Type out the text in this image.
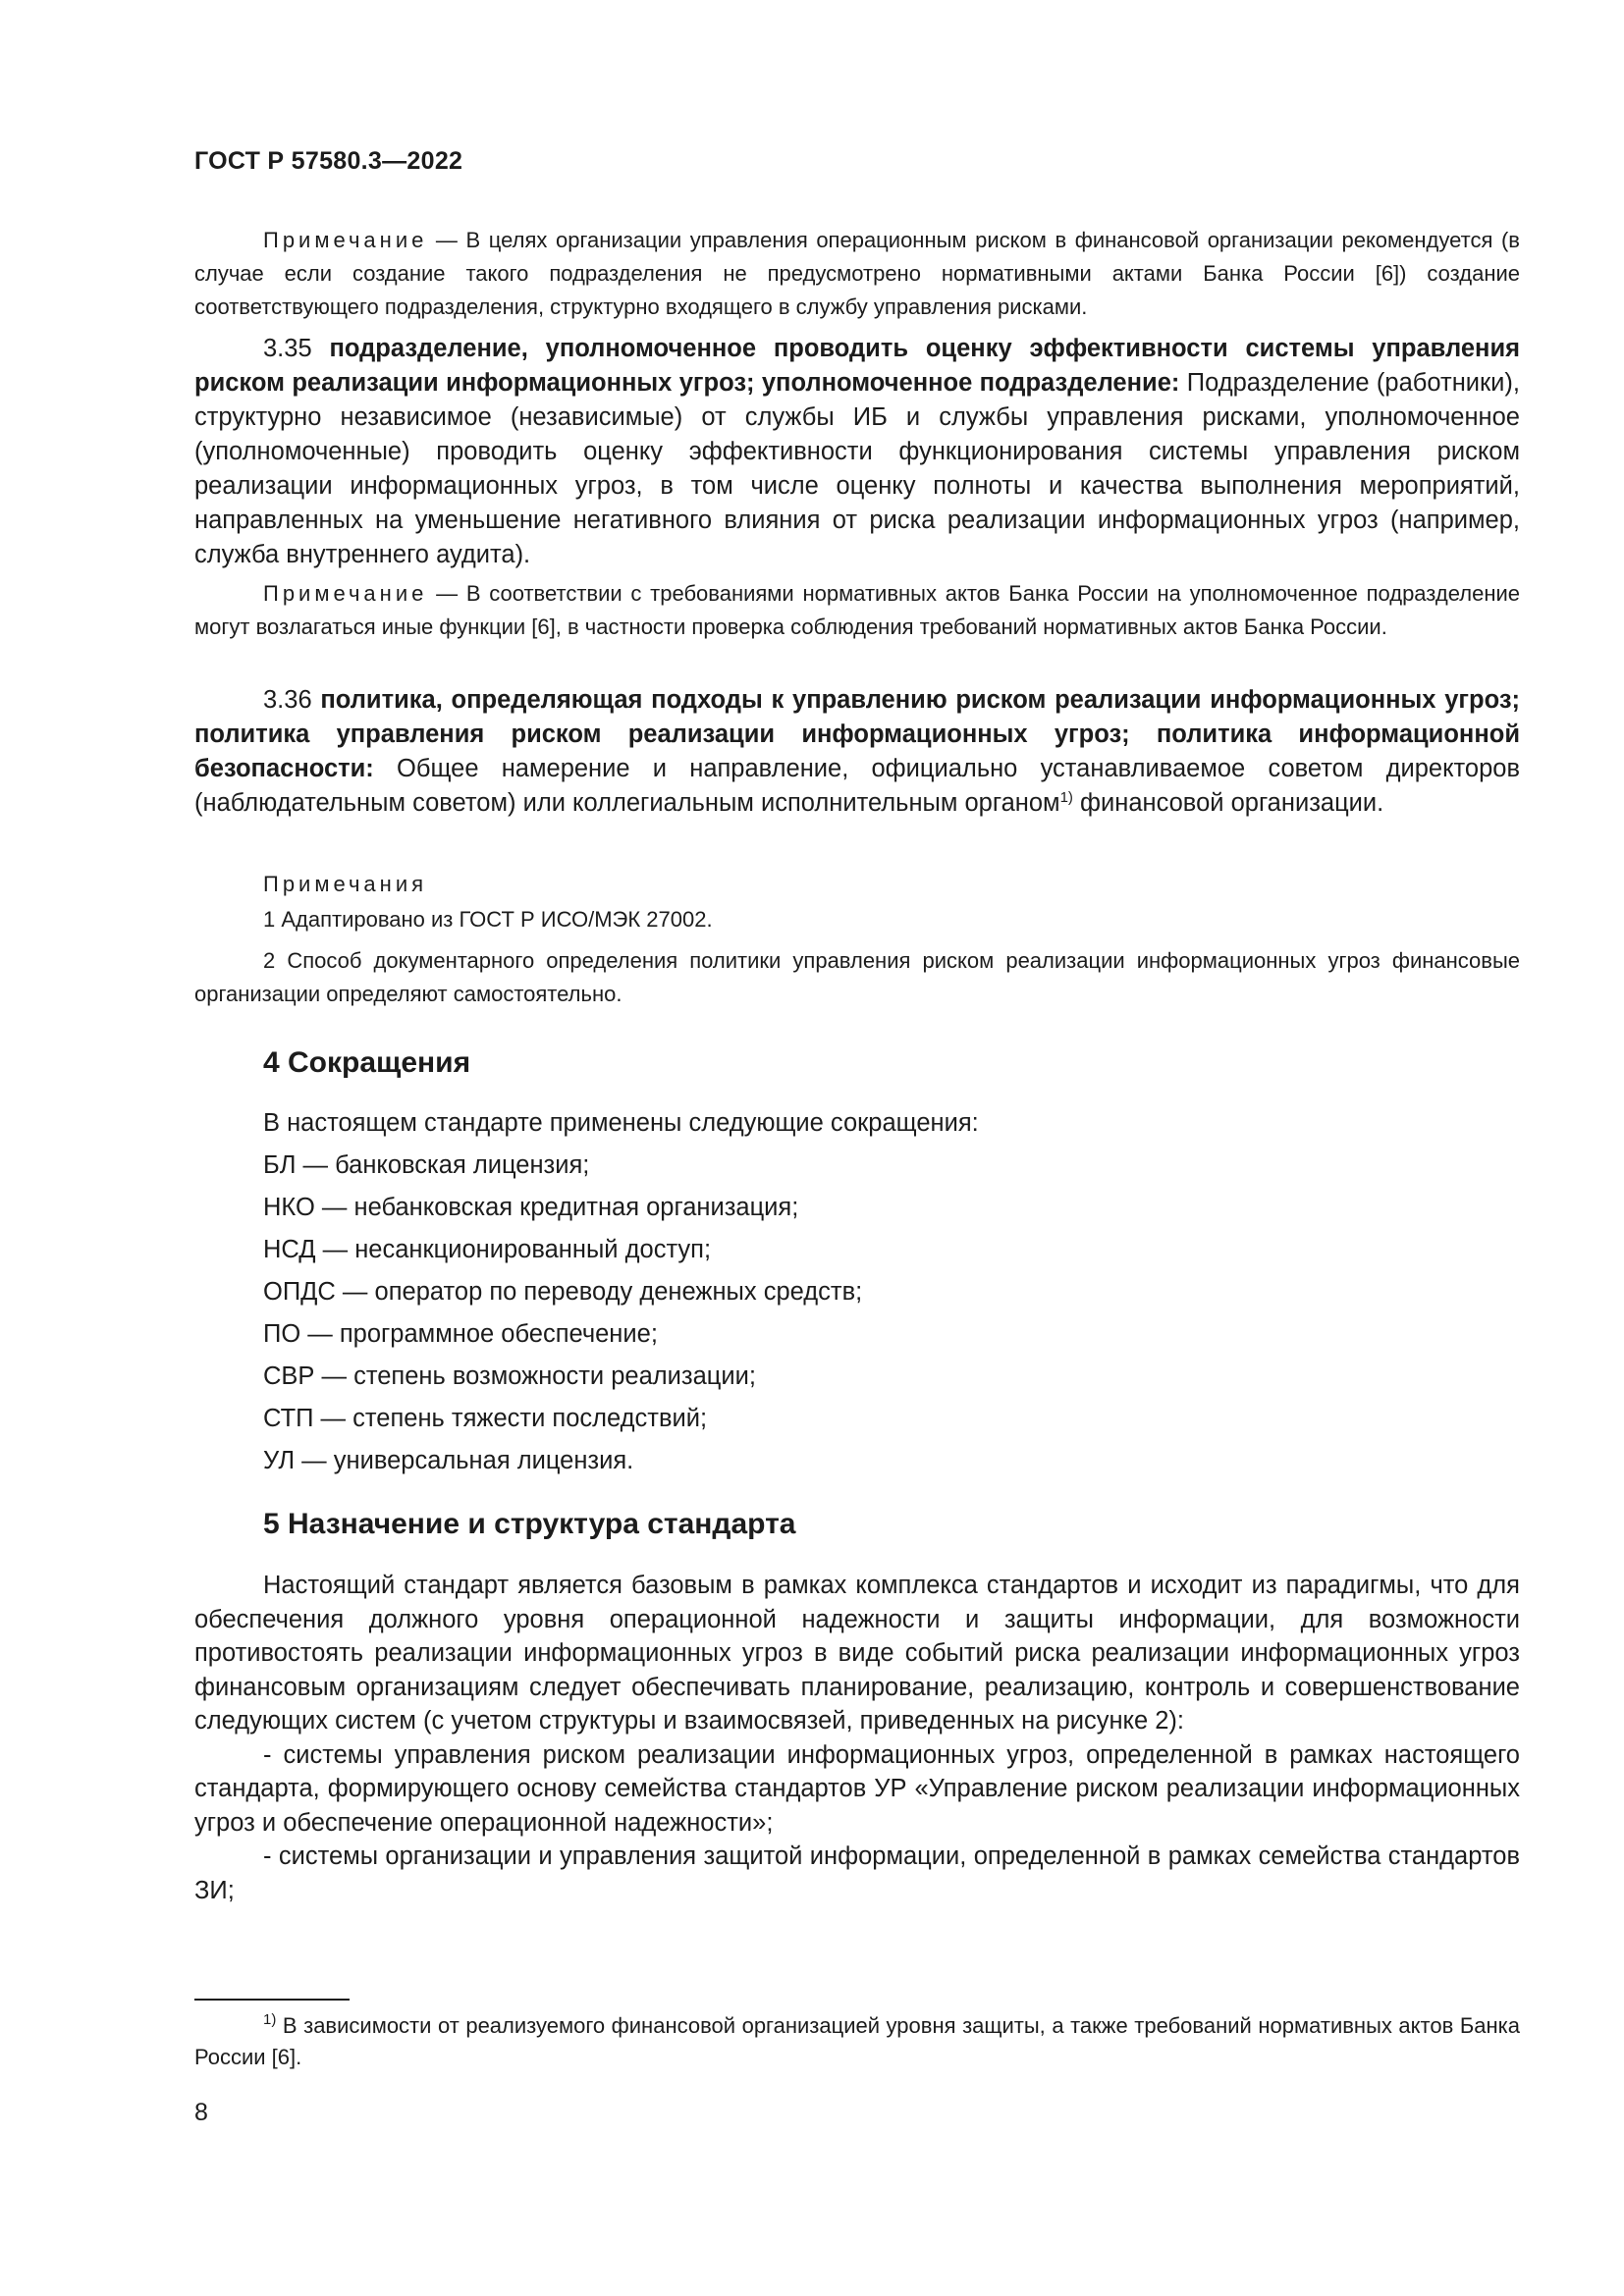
ГОСТ Р 57580.3—2022

Примечание — В целях организации управления операционным риском в финансовой организации рекомендуется (в случае если создание такого подразделения не предусмотрено нормативными актами Банка России [6]) создание соответствующего подразделения, структурно входящего в службу управления рисками.

3.35 подразделение, уполномоченное проводить оценку эффективности системы управления риском реализации информационных угроз; уполномоченное подразделение: Подразделение (работники), структурно независимое (независимые) от службы ИБ и службы управления рисками, уполномоченное (уполномоченные) проводить оценку эффективности функционирования системы управления риском реализации информационных угроз, в том числе оценку полноты и качества выполнения мероприятий, направленных на уменьшение негативного влияния от риска реализации информационных угроз (например, служба внутреннего аудита).

Примечание — В соответствии с требованиями нормативных актов Банка России на уполномоченное подразделение могут возлагаться иные функции [6], в частности проверка соблюдения требований нормативных актов Банка России.

3.36 политика, определяющая подходы к управлению риском реализации информационных угроз; политика управления риском реализации информационных угроз; политика информационной безопасности: Общее намерение и направление, официально устанавливаемое советом директоров (наблюдательным советом) или коллегиальным исполнительным органом$^{1)}$ финансовой организации.

Примечания
1 Адаптировано из ГОСТ Р ИСО/МЭК 27002.

2 Способ документарного определения политики управления риском реализации информационных угроз финансовые организации определяют самостоятельно.

4 Сокращения
В настоящем стандарте применены следующие сокращения:
БЛ — банковская лицензия;
НКО — небанковская кредитная организация;
НСД — несанкционированный доступ;
ОПДС — оператор по переводу денежных средств;
ПО — программное обеспечение;
СВР — степень возможности реализации;
СТП — степень тяжести последствий;
УЛ — универсальная лицензия.
5 Назначение и структура стандарта

Настоящий стандарт является базовым в рамках комплекса стандартов и исходит из парадигмы, что для обеспечения должного уровня операционной надежности и защиты информации, для возможности противостоять реализации информационных угроз в виде событий риска реализации информационных угроз финансовым организациям следует обеспечивать планирование, реализацию, контроль и совершенствование следующих систем (с учетом структуры и взаимосвязей, приведенных на рисунке 2):

- системы управления риском реализации информационных угроз, определенной в рамках настоящего стандарта, формирующего основу семейства стандартов УР «Управление риском реализации информационных угроз и обеспечение операционной надежности»;

- системы организации и управления защитой информации, определенной в рамках семейства стандартов ЗИ;

$^{1)}$ В зависимости от реализуемого финансовой организацией уровня защиты, а также требований нормативных актов Банка России [6].

8
